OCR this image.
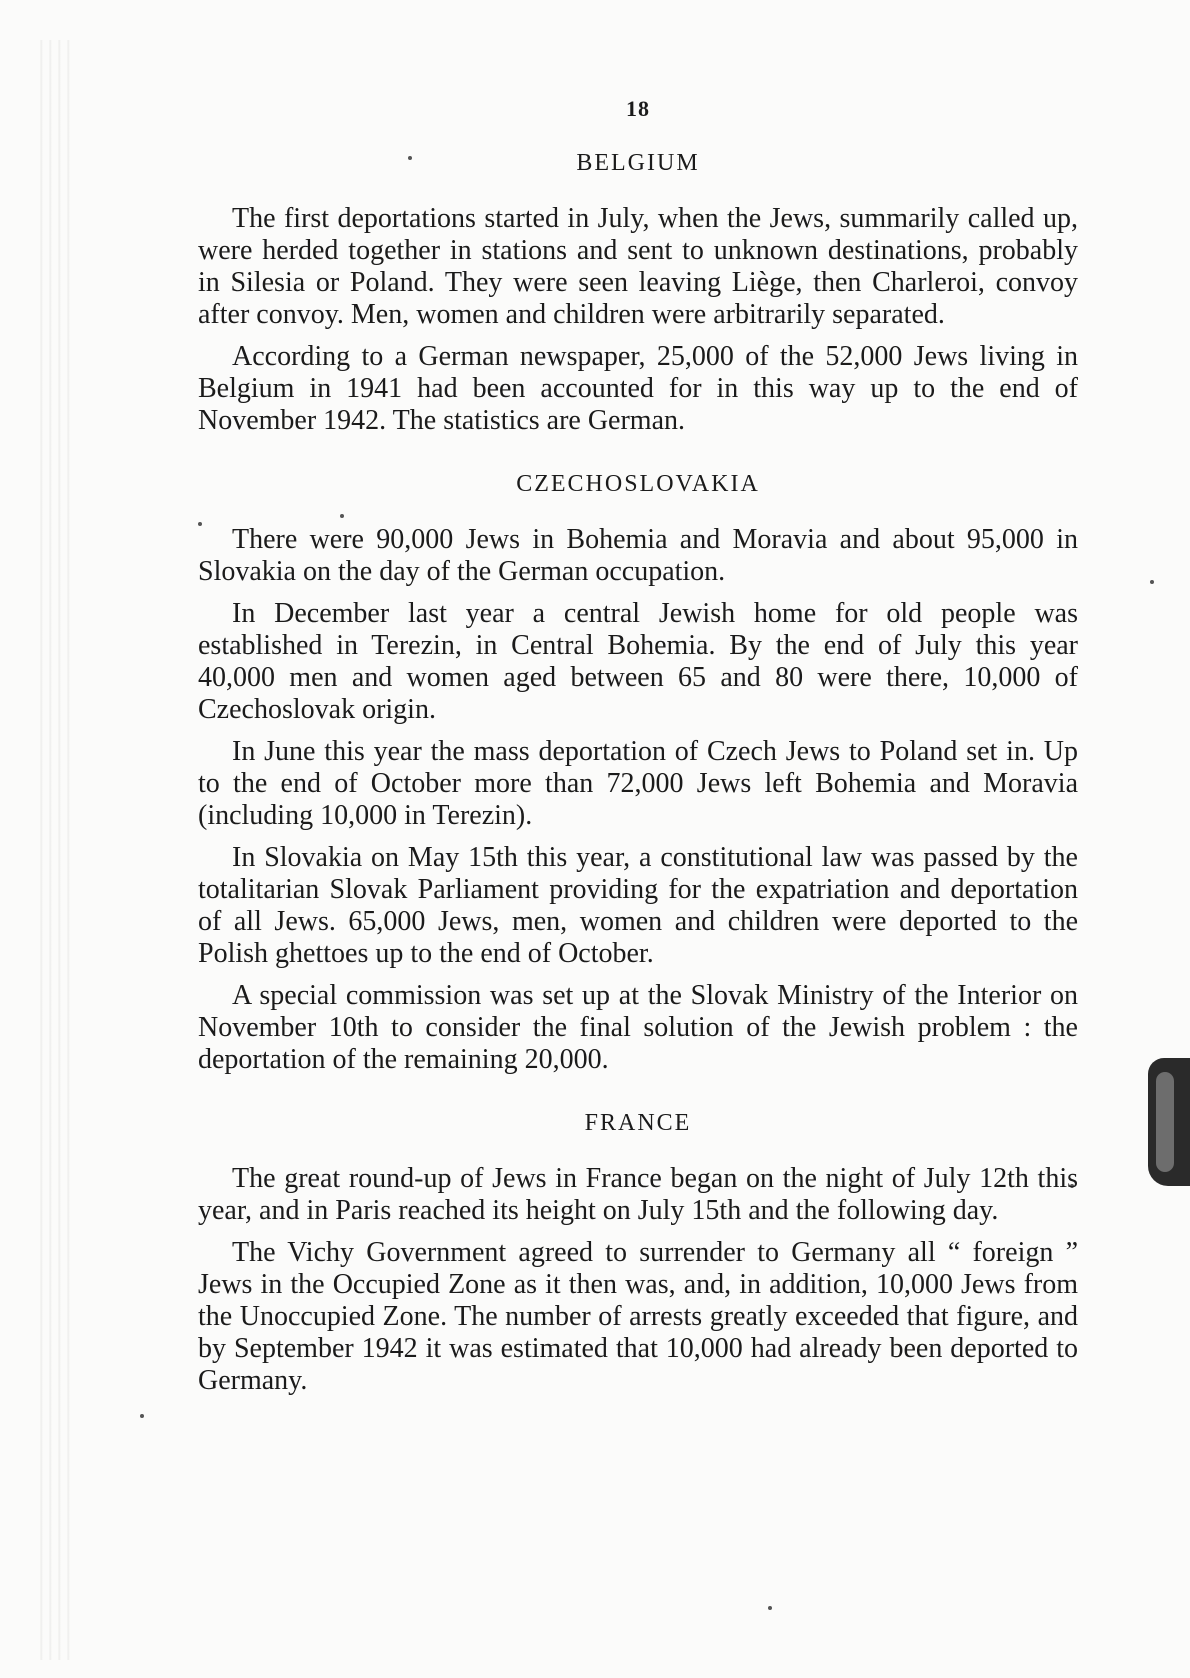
18
BELGIUM

The first deportations started in July, when the Jews, summarily called up, were herded together in stations and sent to unknown destinations, probably in Silesia or Poland. They were seen leaving Liège, then Charleroi, convoy after convoy. Men, women and children were arbitrarily separated.

According to a German newspaper, 25,000 of the 52,000 Jews living in Belgium in 1941 had been accounted for in this way up to the end of November 1942. The statistics are German.

CZECHOSLOVAKIA

There were 90,000 Jews in Bohemia and Moravia and about 95,000 in Slovakia on the day of the German occupation.

In December last year a central Jewish home for old people was established in Terezin, in Central Bohemia. By the end of July this year 40,000 men and women aged between 65 and 80 were there, 10,000 of Czechoslovak origin.

In June this year the mass deportation of Czech Jews to Poland set in. Up to the end of October more than 72,000 Jews left Bohemia and Moravia (including 10,000 in Terezin).

In Slovakia on May 15th this year, a constitutional law was passed by the totalitarian Slovak Parliament providing for the expatriation and deportation of all Jews. 65,000 Jews, men, women and children were deported to the Polish ghettoes up to the end of October.

A special commission was set up at the Slovak Ministry of the Interior on November 10th to consider the final solution of the Jewish problem : the deportation of the remaining 20,000.

FRANCE

The great round-up of Jews in France began on the night of July 12th this year, and in Paris reached its height on July 15th and the following day.

The Vichy Government agreed to surrender to Germany all “ foreign ” Jews in the Occupied Zone as it then was, and, in addition, 10,000 Jews from the Unoccupied Zone. The number of arrests greatly exceeded that figure, and by September 1942 it was estimated that 10,000 had already been deported to Germany.
